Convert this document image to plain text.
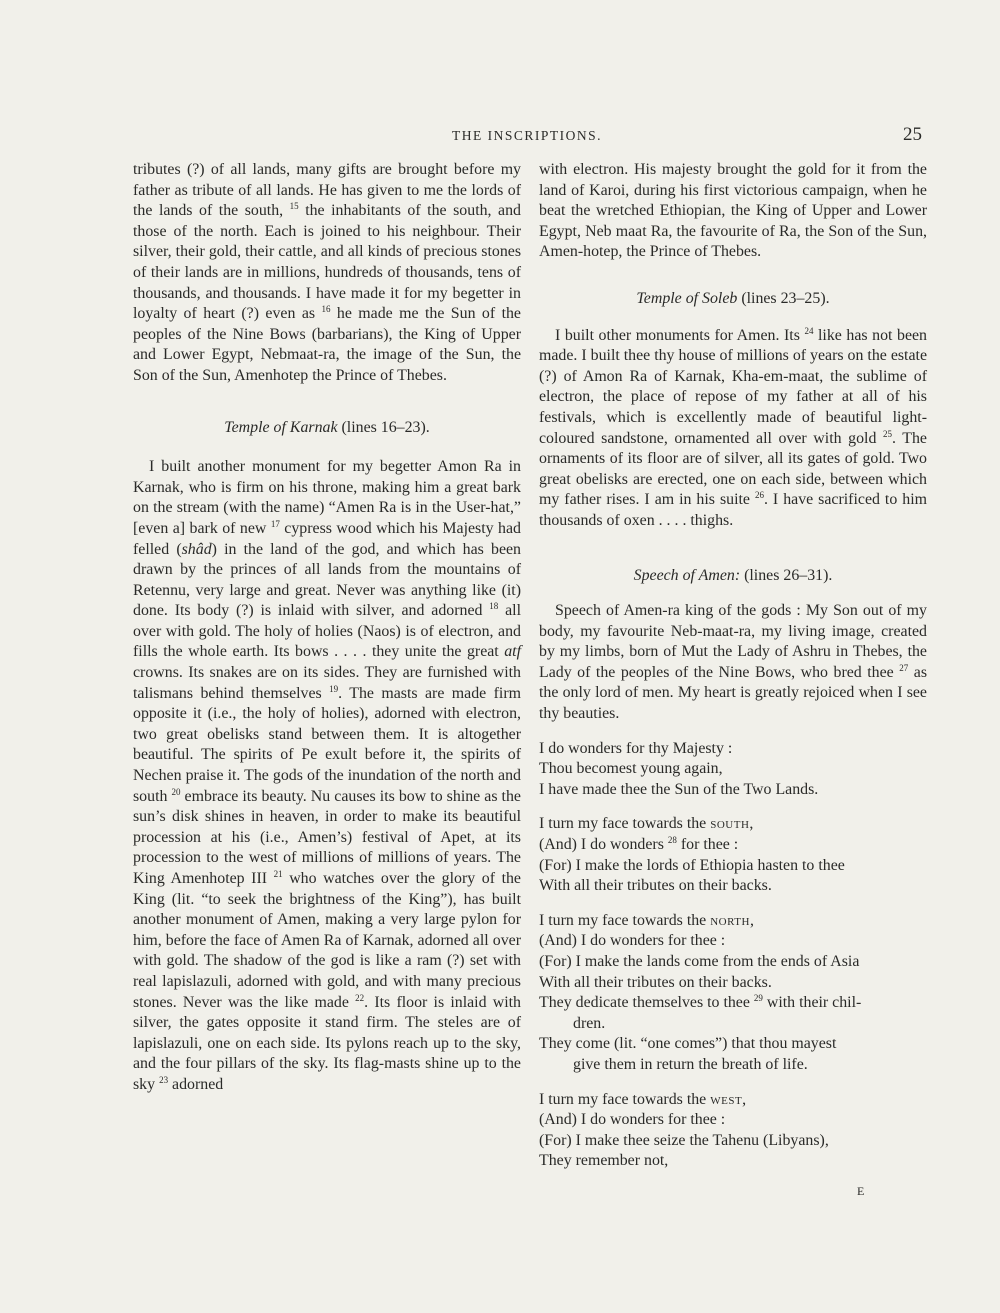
THE INSCRIPTIONS.	25

tributes (?) of all lands, many gifts are brought before my father as tribute of all lands. He has given to me the lords of the lands of the south, $^{15}$ the inhabitants of the south, and those of the north. Each is joined to his neighbour. Their silver, their gold, their cattle, and all kinds of precious stones of their lands are in millions, hundreds of thousands, tens of thousands, and thousands. I have made it for my begetter in loyalty of heart (?) even as $^{16}$ he made me the Sun of the peoples of the Nine Bows (barbarians), the King of Upper and Lower Egypt, Nebmaat-ra, the image of the Sun, the Son of the Sun, Amenhotep the Prince of Thebes.

Temple of Karnak (lines 16–23).

I built another monument for my begetter Amon Ra in Karnak, who is firm on his throne, making him a great bark on the stream (with the name) “Amen Ra is in the User-hat,” [even a] bark of new $^{17}$ cypress wood which his Majesty had felled (shâd) in the land of the god, and which has been drawn by the princes of all lands from the mountains of Retennu, very large and great. Never was anything like (it) done. Its body (?) is inlaid with silver, and adorned $^{18}$ all over with gold. The holy of holies (Naos) is of electron, and fills the whole earth. Its bows . . . . they unite the great atf crowns. Its snakes are on its sides. They are furnished with talismans behind themselves $^{19}$. The masts are made firm opposite it (i.e., the holy of holies), adorned with electron, two great obelisks stand between them. It is altogether beautiful. The spirits of Pe exult before it, the spirits of Nechen praise it. The gods of the inundation of the north and south $^{20}$ embrace its beauty. Nu causes its bow to shine as the sun’s disk shines in heaven, in order to make its beautiful procession at his (i.e., Amen’s) festival of Apet, at its procession to the west of millions of millions of years. The King Amenhotep III $^{21}$ who watches over the glory of the King (lit. “to seek the brightness of the King”), has built another monument of Amen, making a very large pylon for him, before the face of Amen Ra of Karnak, adorned all over with gold. The shadow of the god is like a ram (?) set with real lapislazuli, adorned with gold, and with many precious stones. Never was the like made $^{22}$. Its floor is inlaid with silver, the gates opposite it stand firm. The steles are of lapislazuli, one on each side. Its pylons reach up to the sky, and the four pillars of the sky. Its flag-masts shine up to the sky $^{23}$ adorned

with electron. His majesty brought the gold for it from the land of Karoi, during his first victorious campaign, when he beat the wretched Ethiopian, the King of Upper and Lower Egypt, Neb maat Ra, the favourite of Ra, the Son of the Sun, Amen-hotep, the Prince of Thebes.

Temple of Soleb (lines 23–25).

I built other monuments for Amen. Its $^{24}$ like has not been made. I built thee thy house of millions of years on the estate (?) of Amon Ra of Karnak, Kha-em-maat, the sublime of electron, the place of repose of my father at all of his festivals, which is excellently made of beautiful light-coloured sandstone, ornamented all over with gold $^{25}$. The ornaments of its floor are of silver, all its gates of gold. Two great obelisks are erected, one on each side, between which my father rises. I am in his suite $^{26}$. I have sacrificed to him thousands of oxen . . . . thighs.

Speech of Amen: (lines 26–31).

Speech of Amen-ra king of the gods : My Son out of my body, my favourite Neb-maat-ra, my living image, created by my limbs, born of Mut the Lady of Ashru in Thebes, the Lady of the peoples of the Nine Bows, who bred thee $^{27}$ as the only lord of men. My heart is greatly rejoiced when I see thy beauties.

I do wonders for thy Majesty :
Thou becomest young again,
I have made thee the Sun of the Two Lands.
I turn my face towards the south,
(And) I do wonders $^{28}$ for thee :
(For) I make the lords of Ethiopia hasten to thee
With all their tributes on their backs.
I turn my face towards the north,
(And) I do wonders for thee :
(For) I make the lands come from the ends of Asia
With all their tributes on their backs.
They dedicate themselves to thee $^{29}$ with their chil-
dren.
They come (lit. “one comes”) that thou mayest
give them in return the breath of life.
I turn my face towards the west,
(And) I do wonders for thee :
(For) I make thee seize the Tahenu (Libyans),
They remember not,
E
